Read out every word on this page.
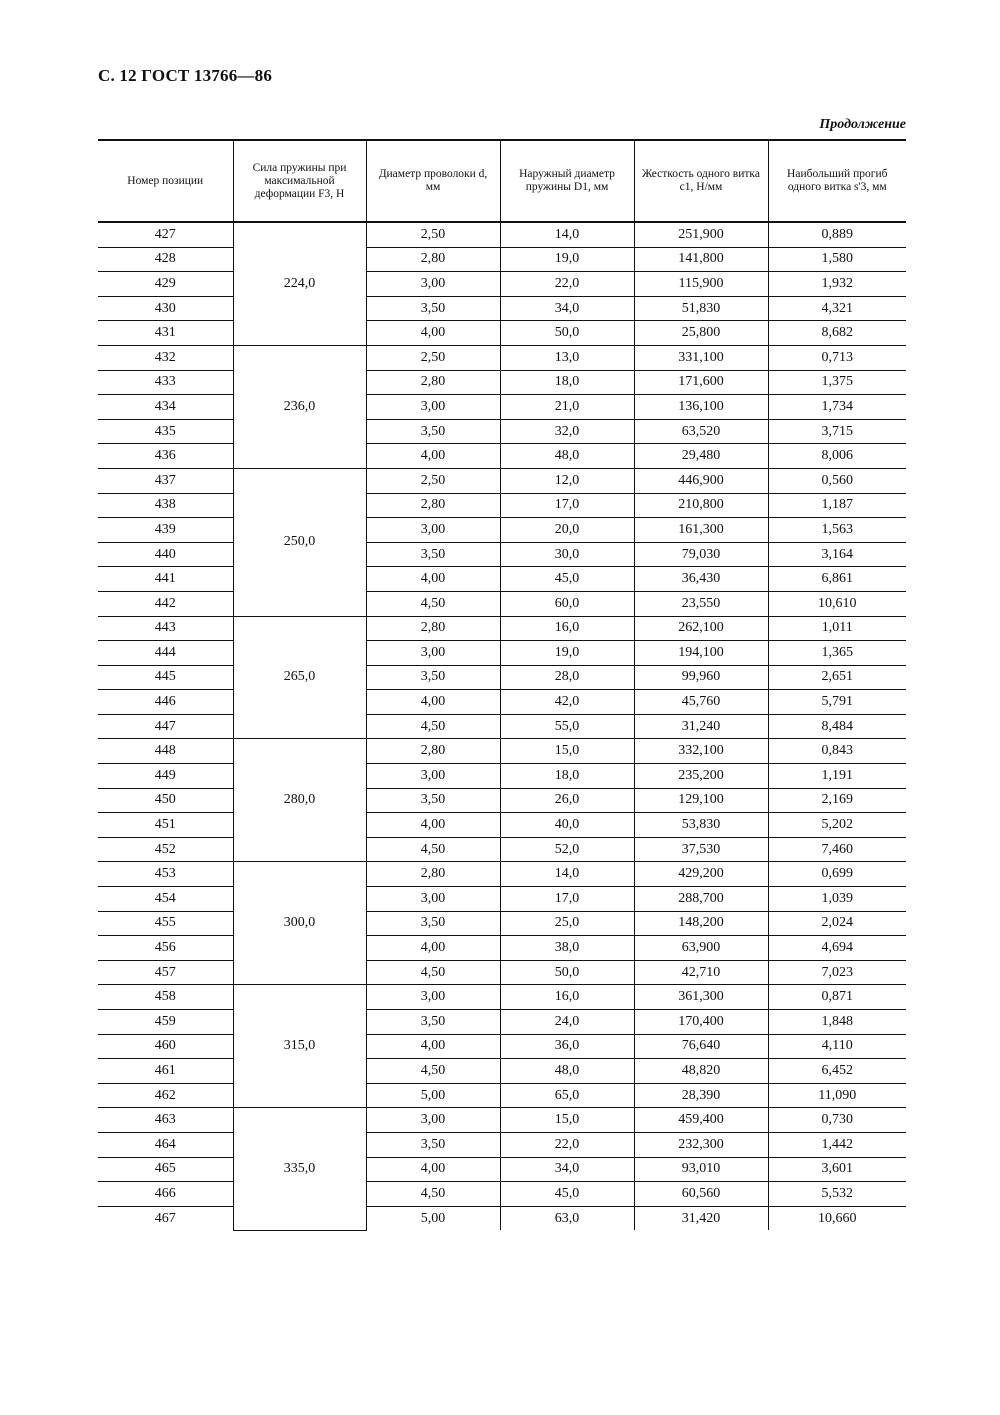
С. 12 ГОСТ 13766—86
Продолжение
Номер позиции	Сила пружины при максимальной деформации F3, Н	Диаметр проволоки d, мм	Наружный диаметр пружины D1, мм	Жесткость одного витка c1, Н/мм	Наибольший прогиб одного витка s'3, мм
427	224,0	2,50	14,0	251,900	0,889
428		2,80	19,0	141,800	1,580
429		3,00	22,0	115,900	1,932
430		3,50	34,0	51,830	4,321
431		4,00	50,0	25,800	8,682
432	236,0	2,50	13,0	331,100	0,713
433		2,80	18,0	171,600	1,375
434		3,00	21,0	136,100	1,734
435		3,50	32,0	63,520	3,715
436		4,00	48,0	29,480	8,006
437	250,0	2,50	12,0	446,900	0,560
438		2,80	17,0	210,800	1,187
439		3,00	20,0	161,300	1,563
440		3,50	30,0	79,030	3,164
441		4,00	45,0	36,430	6,861
442		4,50	60,0	23,550	10,610
443	265,0	2,80	16,0	262,100	1,011
444		3,00	19,0	194,100	1,365
445		3,50	28,0	99,960	2,651
446		4,00	42,0	45,760	5,791
447		4,50	55,0	31,240	8,484
448	280,0	2,80	15,0	332,100	0,843
449		3,00	18,0	235,200	1,191
450		3,50	26,0	129,100	2,169
451		4,00	40,0	53,830	5,202
452		4,50	52,0	37,530	7,460
453	300,0	2,80	14,0	429,200	0,699
454		3,00	17,0	288,700	1,039
455		3,50	25,0	148,200	2,024
456		4,00	38,0	63,900	4,694
457		4,50	50,0	42,710	7,023
458	315,0	3,00	16,0	361,300	0,871
459		3,50	24,0	170,400	1,848
460		4,00	36,0	76,640	4,110
461		4,50	48,0	48,820	6,452
462		5,00	65,0	28,390	11,090
463	335,0	3,00	15,0	459,400	0,730
464		3,50	22,0	232,300	1,442
465		4,00	34,0	93,010	3,601
466		4,50	45,0	60,560	5,532
467		5,00	63,0	31,420	10,660
